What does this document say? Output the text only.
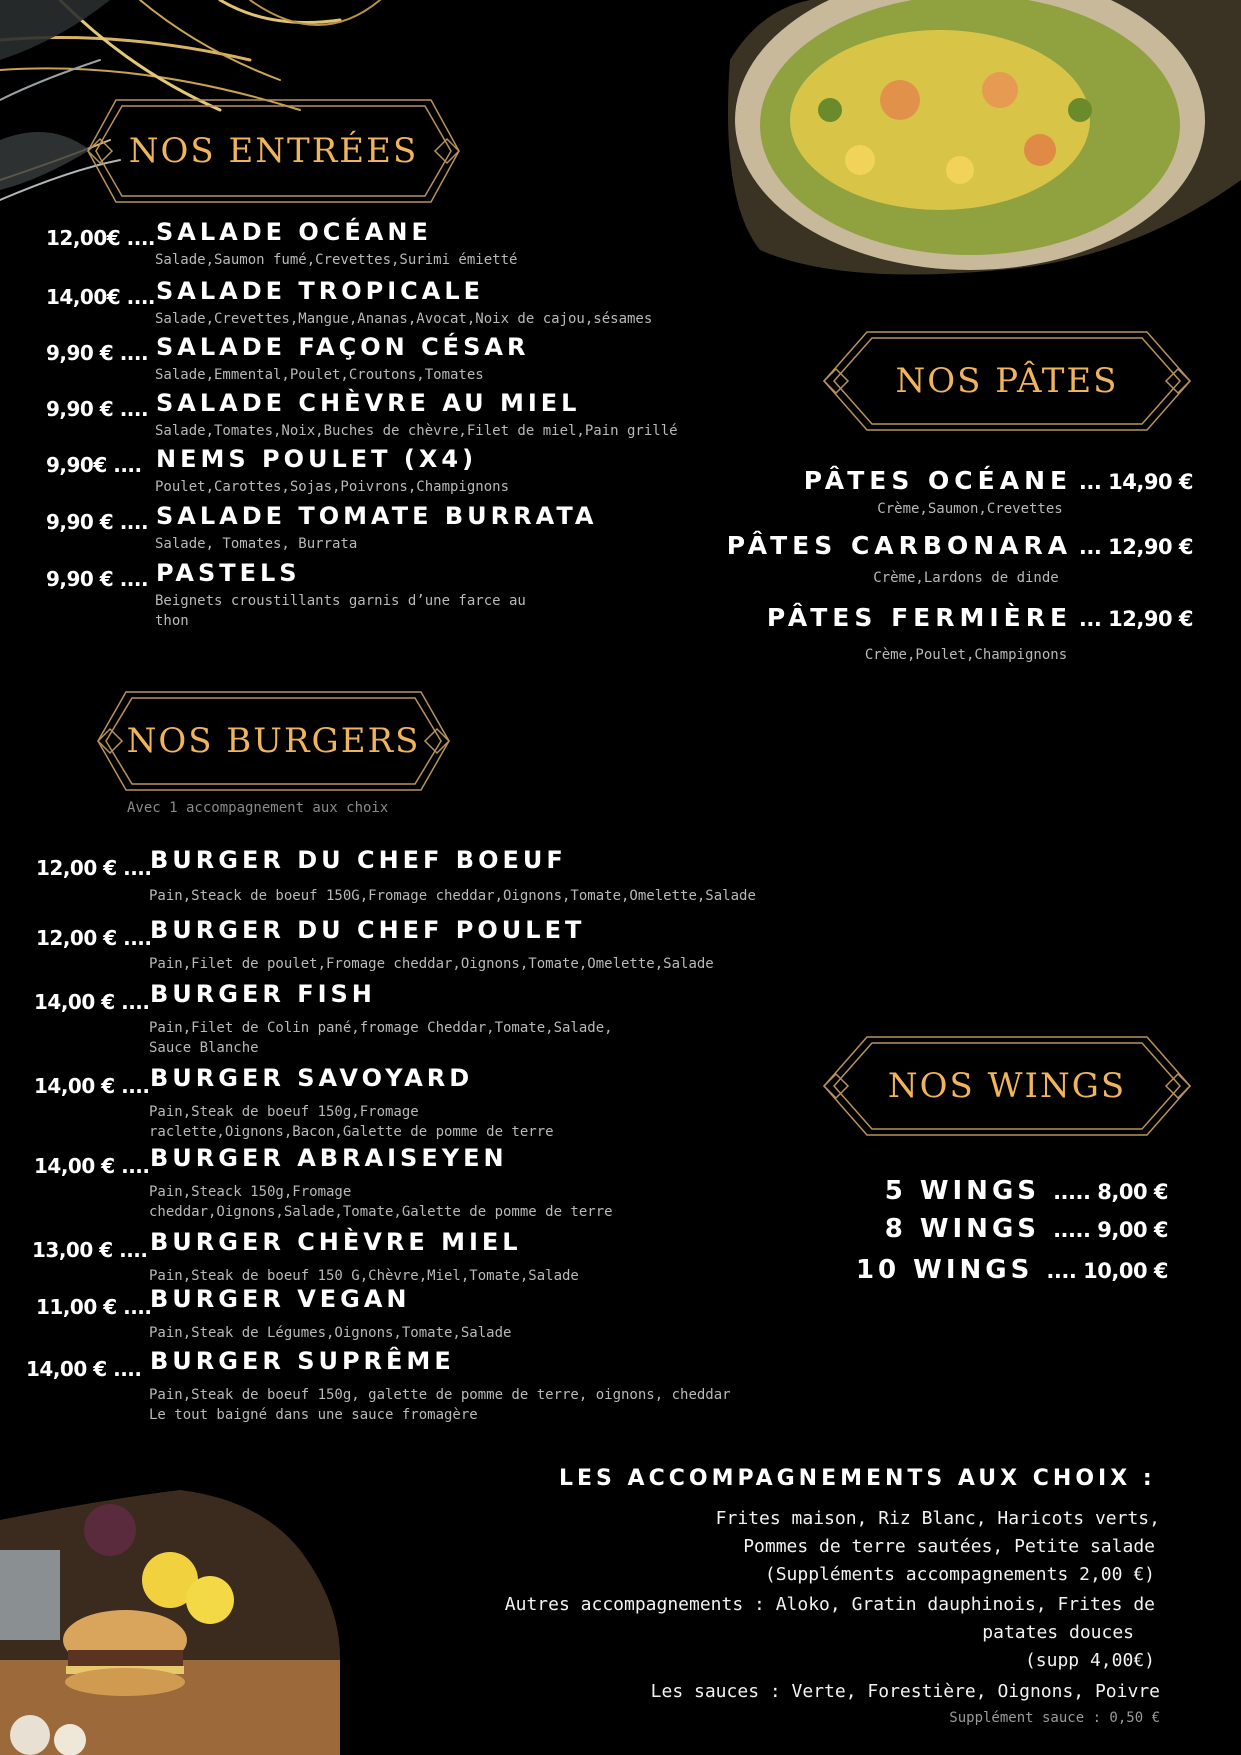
NOS ENTRÉES
12,00€ .... SALADE OCÉANE
Salade,Saumon fumé,Crevettes,Surimi émietté
14,00€ .... SALADE TROPICALE
Salade,Crevettes,Mangue,Ananas,Avocat,Noix de cajou,sésames
9,90 € .... SALADE FAÇON CÉSAR
Salade,Emmental,Poulet,Croutons,Tomates
9,90 € .... SALADE CHÈVRE AU MIEL
Salade,Tomates,Noix,Buches de chèvre,Filet de miel,Pain grillé
9,90€ .... NEMS POULET (X4)
Poulet,Carottes,Sojas,Poivrons,Champignons
9,90 € .... SALADE TOMATE BURRATA
Salade, Tomates, Burrata
9,90 € .... PASTELS
Beignets croustillants garnis d’une farce au
thon
NOS PÂTES
PÂTES OCÉANE ... 14,90 €
Crème,Saumon,Crevettes
PÂTES CARBONARA ... 12,90 €
Crème,Lardons de dinde
PÂTES FERMIÈRE ... 12,90 €
Crème,Poulet,Champignons
NOS BURGERS
Avec 1 accompagnement aux choix
12,00 € ....
BURGER DU CHEF BOEUF
Pain,Steack de boeuf 150G,Fromage cheddar,Oignons,Tomate,Omelette,Salade
12,00 € ....
BURGER DU CHEF POULET
Pain,Filet de poulet,Fromage cheddar,Oignons,Tomate,Omelette,Salade
14,00 € .... BURGER FISH
Pain,Filet de Colin pané,fromage Cheddar,Tomate,Salade,
Sauce Blanche
14,00 € .... BURGER SAVOYARD
Pain,Steak de boeuf 150g,Fromage
raclette,Oignons,Bacon,Galette de pomme de terre
14,00 € .... BURGER ABRAISEYEN
Pain,Steack 150g,Fromage
cheddar,Oignons,Salade,Tomate,Galette de pomme de terre
13,00 € .... BURGER CHÈVRE MIEL
Pain,Steak de boeuf 150 G,Chèvre,Miel,Tomate,Salade
11,00 € ....
BURGER VEGAN
Pain,Steak de Légumes,Oignons,Tomate,Salade
14,00 € .... BURGER SUPRÊME
Pain,Steak de boeuf 150g, galette de pomme de terre, oignons, cheddar
Le tout baigné dans une sauce fromagère
NOS WINGS
5 WINGS ..... 8,00 €
8 WINGS ..... 9,00 €
10 WINGS .... 10,00 €
LES ACCOMPAGNEMENTS AUX CHOIX :
Frites maison, Riz Blanc, Haricots verts,
Pommes de terre sautées, Petite salade
(Suppléments accompagnements 2,00 €)
Autres accompagnements : Aloko, Gratin dauphinois, Frites de
patates douces
(supp 4,00€)
Les sauces : Verte, Forestière, Oignons, Poivre
Supplément sauce : 0,50 €
